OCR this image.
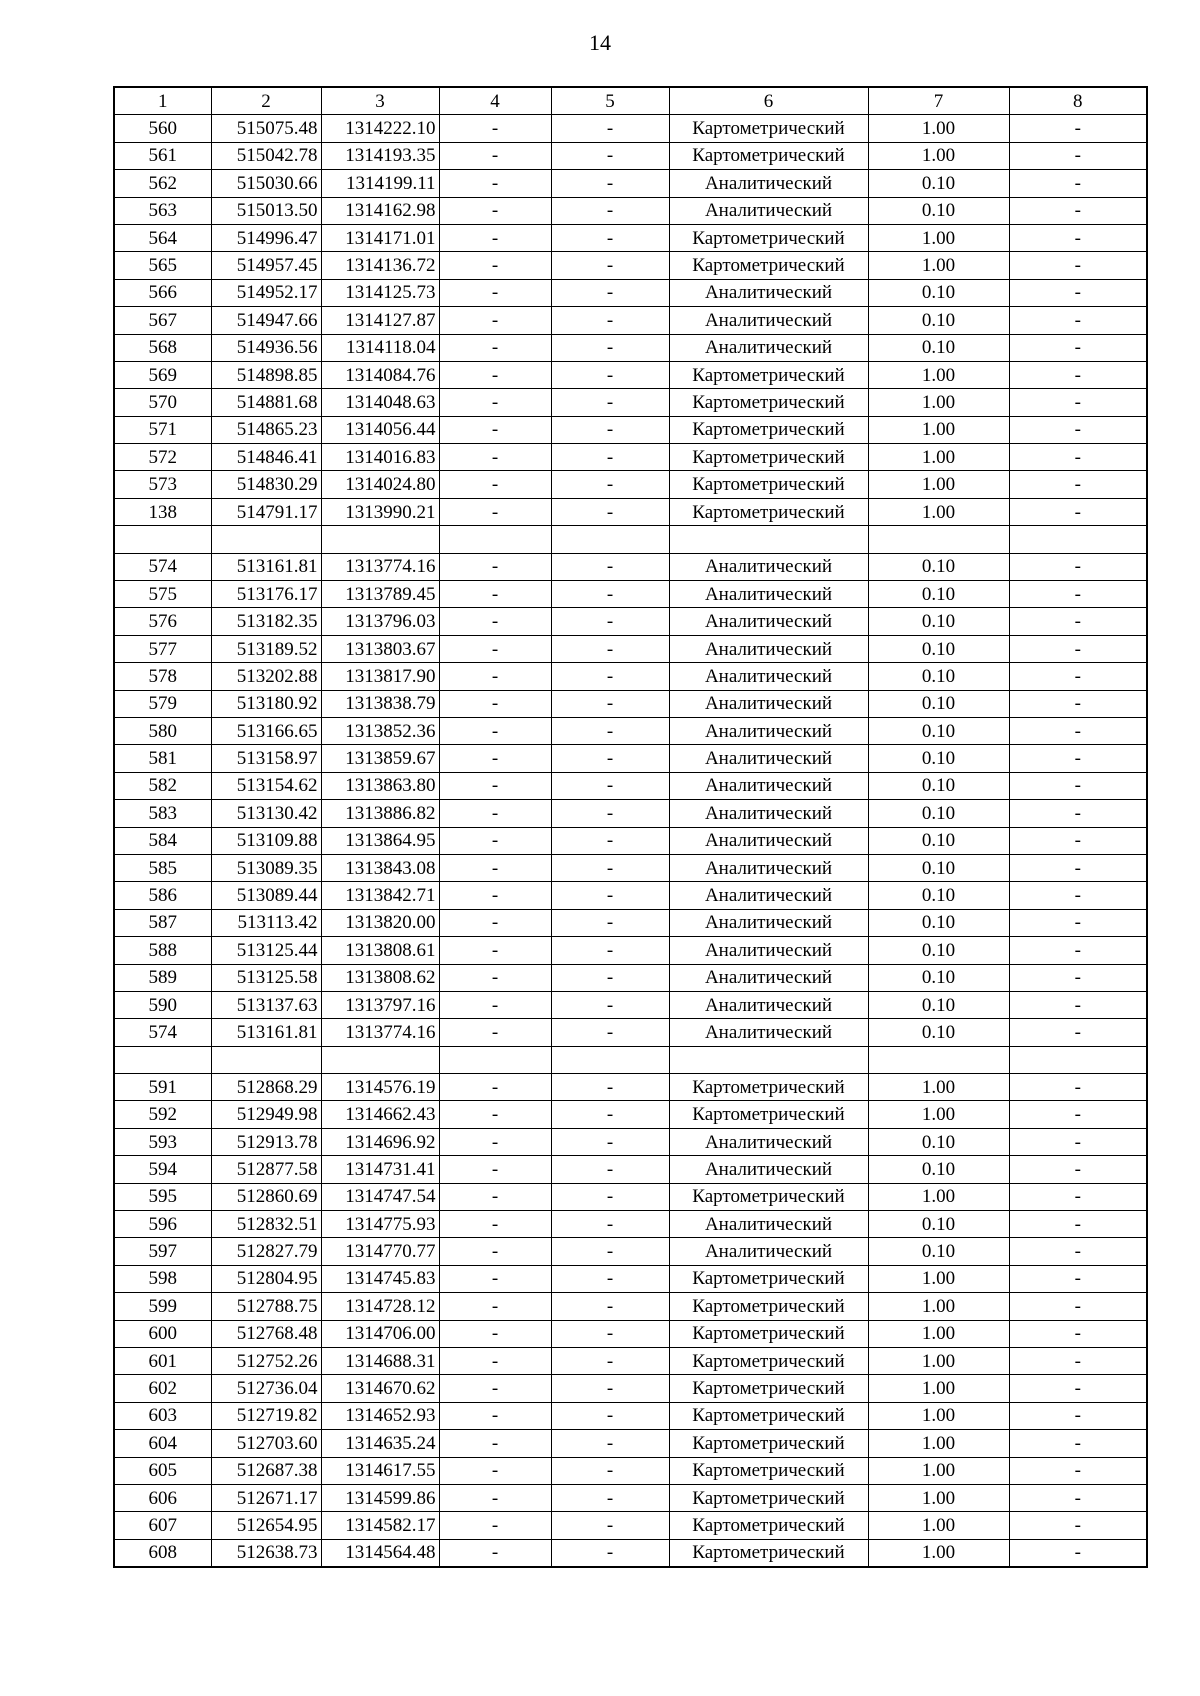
14
1	2	3	4	5	6	7	8
560	515075.48	1314222.10	-	-	Картометрический	1.00	-
561	515042.78	1314193.35	-	-	Картометрический	1.00	-
562	515030.66	1314199.11	-	-	Аналитический	0.10	-
563	515013.50	1314162.98	-	-	Аналитический	0.10	-
564	514996.47	1314171.01	-	-	Картометрический	1.00	-
565	514957.45	1314136.72	-	-	Картометрический	1.00	-
566	514952.17	1314125.73	-	-	Аналитический	0.10	-
567	514947.66	1314127.87	-	-	Аналитический	0.10	-
568	514936.56	1314118.04	-	-	Аналитический	0.10	-
569	514898.85	1314084.76	-	-	Картометрический	1.00	-
570	514881.68	1314048.63	-	-	Картометрический	1.00	-
571	514865.23	1314056.44	-	-	Картометрический	1.00	-
572	514846.41	1314016.83	-	-	Картометрический	1.00	-
573	514830.29	1314024.80	-	-	Картометрический	1.00	-
138	514791.17	1313990.21	-	-	Картометрический	1.00	-

574	513161.81	1313774.16	-	-	Аналитический	0.10	-
575	513176.17	1313789.45	-	-	Аналитический	0.10	-
576	513182.35	1313796.03	-	-	Аналитический	0.10	-
577	513189.52	1313803.67	-	-	Аналитический	0.10	-
578	513202.88	1313817.90	-	-	Аналитический	0.10	-
579	513180.92	1313838.79	-	-	Аналитический	0.10	-
580	513166.65	1313852.36	-	-	Аналитический	0.10	-
581	513158.97	1313859.67	-	-	Аналитический	0.10	-
582	513154.62	1313863.80	-	-	Аналитический	0.10	-
583	513130.42	1313886.82	-	-	Аналитический	0.10	-
584	513109.88	1313864.95	-	-	Аналитический	0.10	-
585	513089.35	1313843.08	-	-	Аналитический	0.10	-
586	513089.44	1313842.71	-	-	Аналитический	0.10	-
587	513113.42	1313820.00	-	-	Аналитический	0.10	-
588	513125.44	1313808.61	-	-	Аналитический	0.10	-
589	513125.58	1313808.62	-	-	Аналитический	0.10	-
590	513137.63	1313797.16	-	-	Аналитический	0.10	-
574	513161.81	1313774.16	-	-	Аналитический	0.10	-

591	512868.29	1314576.19	-	-	Картометрический	1.00	-
592	512949.98	1314662.43	-	-	Картометрический	1.00	-
593	512913.78	1314696.92	-	-	Аналитический	0.10	-
594	512877.58	1314731.41	-	-	Аналитический	0.10	-
595	512860.69	1314747.54	-	-	Картометрический	1.00	-
596	512832.51	1314775.93	-	-	Аналитический	0.10	-
597	512827.79	1314770.77	-	-	Аналитический	0.10	-
598	512804.95	1314745.83	-	-	Картометрический	1.00	-
599	512788.75	1314728.12	-	-	Картометрический	1.00	-
600	512768.48	1314706.00	-	-	Картометрический	1.00	-
601	512752.26	1314688.31	-	-	Картометрический	1.00	-
602	512736.04	1314670.62	-	-	Картометрический	1.00	-
603	512719.82	1314652.93	-	-	Картометрический	1.00	-
604	512703.60	1314635.24	-	-	Картометрический	1.00	-
605	512687.38	1314617.55	-	-	Картометрический	1.00	-
606	512671.17	1314599.86	-	-	Картометрический	1.00	-
607	512654.95	1314582.17	-	-	Картометрический	1.00	-
608	512638.73	1314564.48	-	-	Картометрический	1.00	-
